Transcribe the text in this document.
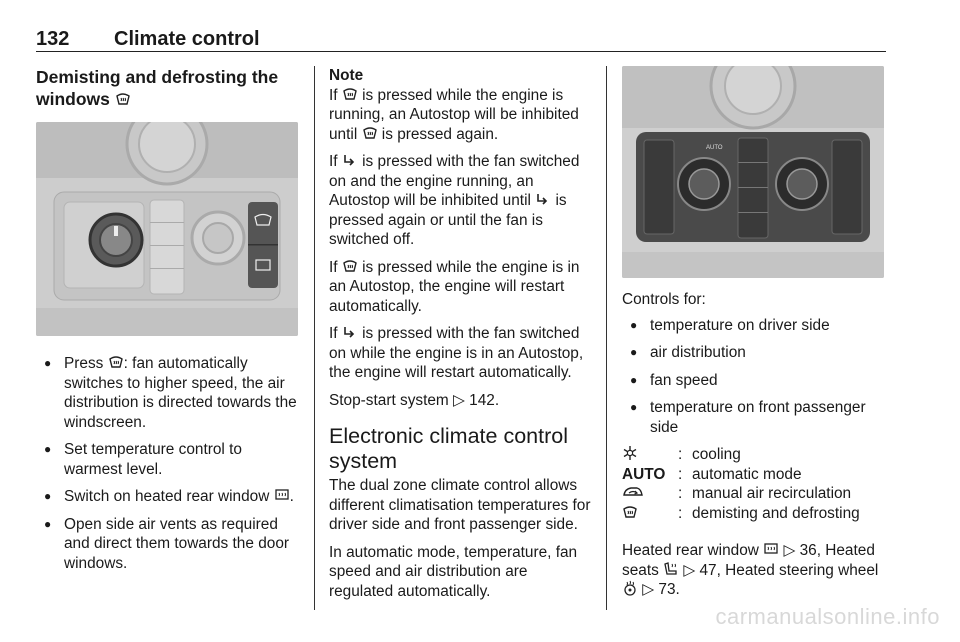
132 Climate control
Demisting and defrosting the windows
● Press : fan automatically switches to higher speed, the air distribution is directed towards the windscreen.
● Set temperature control to warmest level.
● Switch on heated rear window .
● Open side air vents as required and direct them towards the door windows.

Note

If is pressed while the engine is running, an Autostop will be inhibited until is pressed again.

If is pressed with the fan switched on and the engine running, an Autostop will be inhibited until is pressed again or until the fan is switched off.

If is pressed while the engine is in an Autostop, the engine will restart automatically.

If is pressed with the fan switched on while the engine is in an Autostop, the engine will restart automatically.

Stop-start system ▷ 142.

Electronic climate control system

The dual zone climate control allows different climatisation temperatures for driver side and front passenger side.

In automatic mode, temperature, fan speed and air distribution are regulated automatically.

AUTO

Controls for:

● temperature on driver side
● air distribution
● fan speed
● temperature on front passenger side
: cooling
AUTO : automatic mode
: manual air recirculation
: demisting and defrosting

Heated rear window ▷ 36, Heated seats ▷ 47, Heated steering wheel
▷ 73.

carmanualsonline.info
